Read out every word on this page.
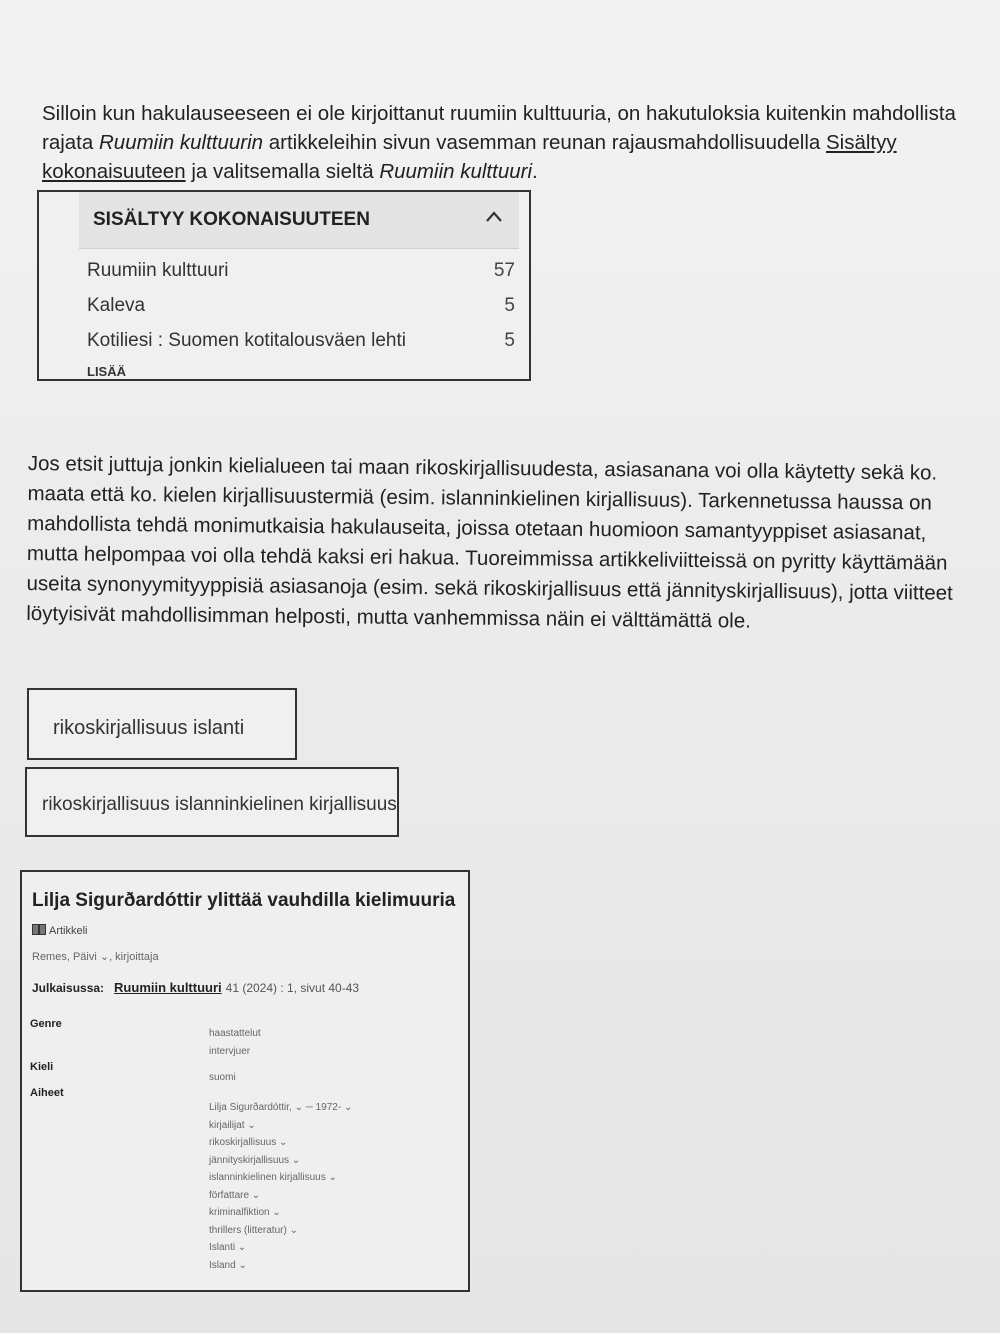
Silloin kun hakulauseeseen ei ole kirjoittanut ruumiin kulttuuria, on hakutuloksia kuitenkin mahdollista rajata Ruumiin kulttuurin artikkeleihin sivun vasemman reunan rajausmahdollisuudella Sisältyy kokonaisuuteen ja valitsemalla sieltä Ruumiin kulttuuri.

SISÄLTYY KOKONAISUUTEEN
Ruumiin kulttuuri	57
Kaleva	5
Kotiliesi : Suomen kotitalousväen lehti	5
LISÄÄ

Jos etsit juttuja jonkin kielialueen tai maan rikoskirjallisuudesta, asiasanana voi olla käytetty sekä ko. maata että ko. kielen kirjallisuustermiä (esim. islanninkielinen kirjallisuus). Tarkennetussa haussa on mahdollista tehdä monimutkaisia hakulauseita, joissa otetaan huomioon samantyyppiset asiasanat, mutta helpompaa voi olla tehdä kaksi eri hakua. Tuoreimmissa artikkeliviitteissä on pyritty käyttämään useita synonyymityyppisiä asiasanoja (esim. sekä rikoskirjallisuus että jännityskirjallisuus), jotta viitteet löytyisivät mahdollisimman helposti, mutta vanhemmissa näin ei välttämättä ole.

rikoskirjallisuus islanti
rikoskirjallisuus islanninkielinen kirjallisuus
Lilja Sigurðardóttir ylittää vauhdilla kielimuuria
Artikkeli
Remes, Päivi ⌄, kirjoittaja
Julkaisussa: Ruumiin kulttuuri 41 (2024) : 1, sivut 40-43
Genre
haastattelut
intervjuer
Kieli
suomi
Aiheet
Lilja Sigurðardóttir, ⌄ ─ 1972- ⌄
kirjailijat ⌄
rikoskirjallisuus ⌄
jännityskirjallisuus ⌄
islanninkielinen kirjallisuus ⌄
författare ⌄
kriminalfiktion ⌄
thrillers (litteratur) ⌄
Islanti ⌄
Island ⌄
